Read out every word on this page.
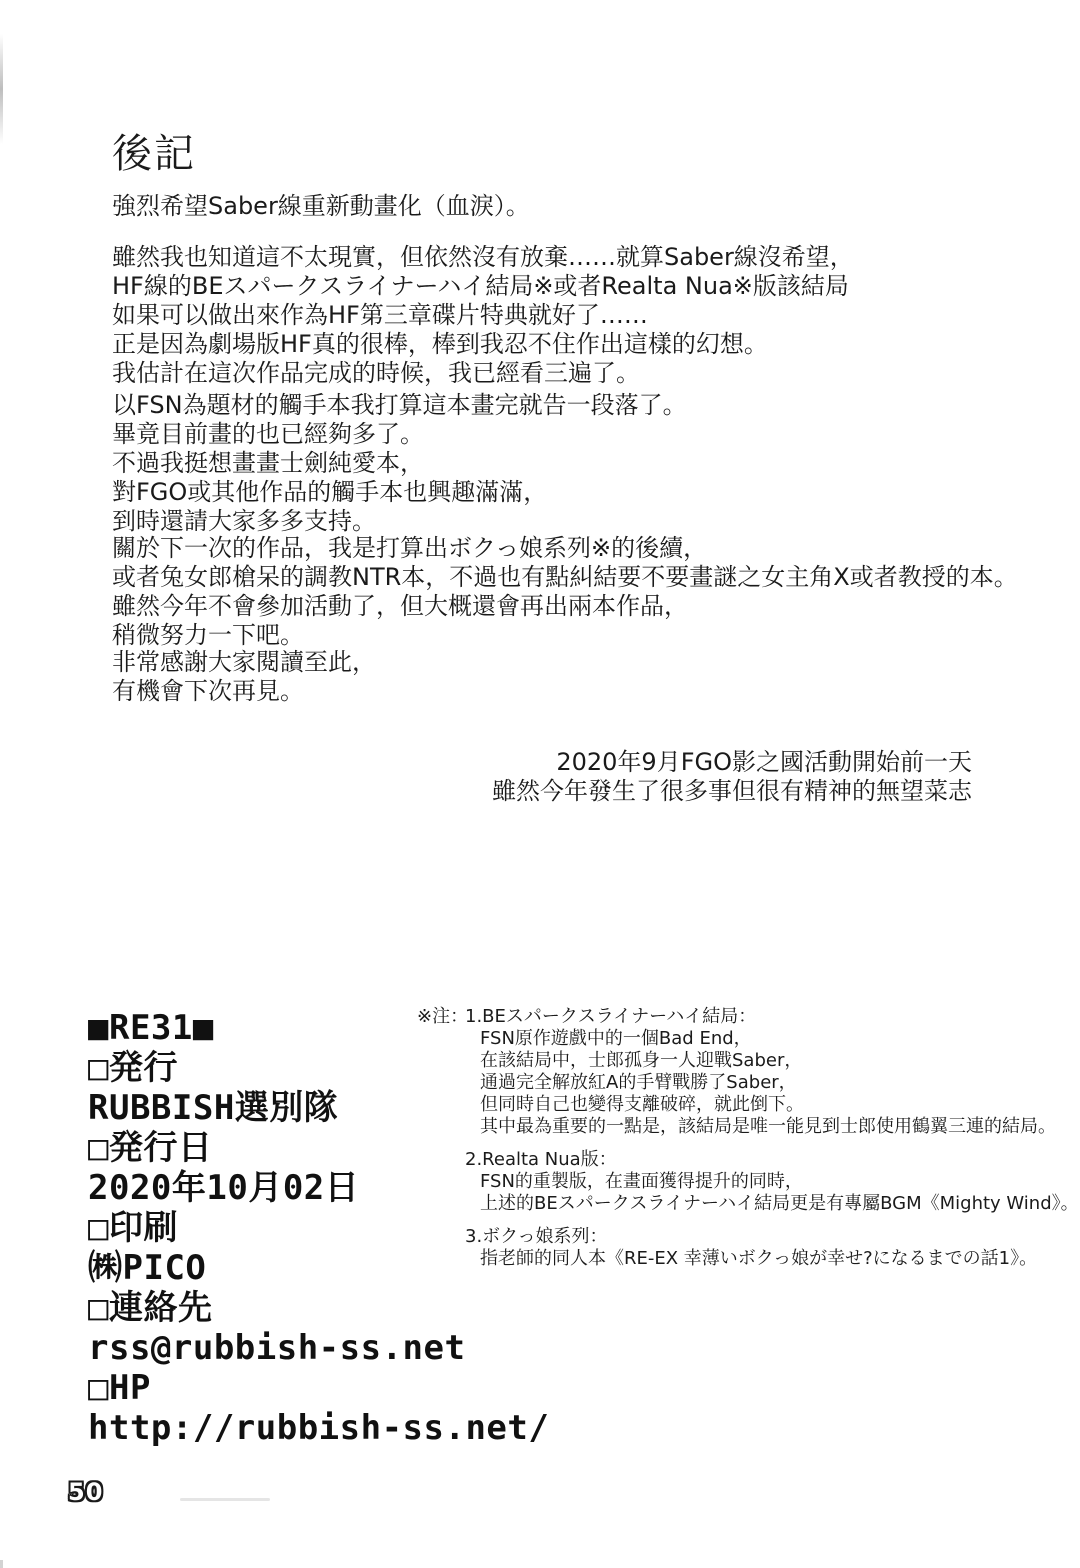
後記

強烈希望Saber線重新動畫化（血淚）。

雖然我也知道這不太現實，但依然沒有放棄……就算Saber線沒希望，
HF線的BEスパークスライナーハイ結局※或者Realta Nua※版該結局
如果可以做出來作為HF第三章碟片特典就好了……
正是因為劇場版HF真的很棒，棒到我忍不住作出這樣的幻想。
我估計在這次作品完成的時候，我已經看三遍了。

以FSN為題材的觸手本我打算這本畫完就告一段落了。
畢竟目前畫的也已經夠多了。
不過我挺想畫畫士劍純愛本，
對FGO或其他作品的觸手本也興趣滿滿，
到時還請大家多多支持。

關於下一次的作品，我是打算出ボクっ娘系列※的後續，
或者兔女郎槍呆的調教NTR本，不過也有點糾結要不要畫謎之女主角X或者教授的本。
雖然今年不會參加活動了，但大概還會再出兩本作品，
稍微努力一下吧。

非常感謝大家閱讀至此，
有機會下次再見。

2020年9月FGO影之國活動開始前一天
雖然今年發生了很多事但很有精神的無望菜志
■RE31■
□発行
RUBBISH選別隊
□発行日
2020年10月02日
□印刷
㈱PICO
□連絡先
rss@rubbish-ss.net
□HP
http://rubbish-ss.net/
※注：
1.BEスパークスライナーハイ結局：
FSN原作遊戲中的一個Bad End，
在該結局中，士郎孤身一人迎戰Saber，
通過完全解放紅A的手臂戰勝了Saber，
但同時自己也變得支離破碎，就此倒下。
其中最為重要的一點是，該結局是唯一能見到士郎使用鶴翼三連的結局。
2.Realta Nua版：
FSN的重製版，在畫面獲得提升的同時，
上述的BEスパークスライナーハイ結局更是有專屬BGM《Mighty Wind》。
3.ボクっ娘系列：
指老師的同人本《RE-EX 幸薄いボクっ娘が幸せ?になるまでの話1》。
50
